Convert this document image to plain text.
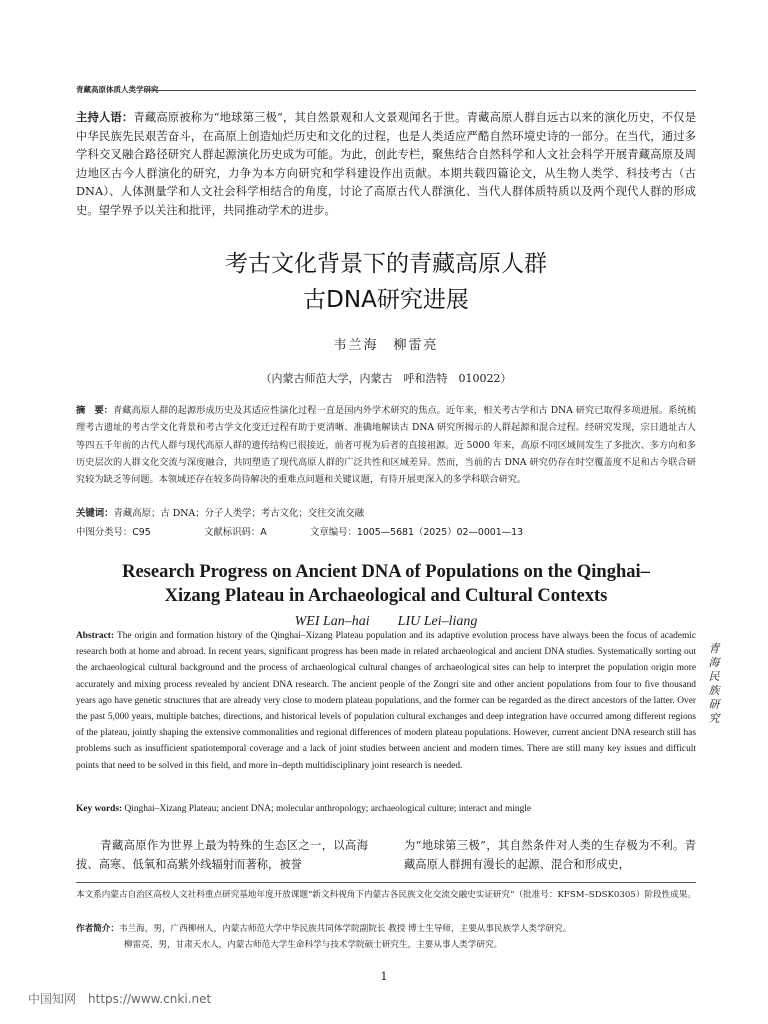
青藏高原体质人类学研究
主持人语：青藏高原被称为“地球第三极”，其自然景观和人文景观闻名于世。青藏高原人群自远古以来的演化历史，不仅是中华民族先民艰苦奋斗，在高原上创造灿烂历史和文化的过程，也是人类适应严酷自然环境史诗的一部分。在当代，通过多学科交叉融合路径研究人群起源演化历史成为可能。为此，创此专栏，聚焦结合自然科学和人文社会科学开展青藏高原及周边地区古今人群演化的研究，力争为本方向研究和学科建设作出贡献。本期共载四篇论文，从生物人类学、科技考古（古 DNA）、人体测量学和人文社会科学相结合的角度，讨论了高原古代人群演化、当代人群体质特质以及两个现代人群的形成史。望学界予以关注和批评，共同推动学术的进步。
考古文化背景下的青藏高原人群
古DNA研究进展
韦兰海　柳雷亮
（内蒙古师范大学，内蒙古　呼和浩特　010022）
摘　要：青藏高原人群的起源形成历史及其适应性演化过程一直是国内外学术研究的焦点。近年来，相关考古学和古 DNA 研究已取得多项进展。系统梳理考古遗址的考古学文化背景和考古学文化变迁过程有助于更清晰、准确地解读古 DNA 研究所揭示的人群起源和混合过程。经研究发现，宗日遗址古人等四五千年前的古代人群与现代高原人群的遗传结构已很接近，前者可视为后者的直接祖源。近 5000 年来，高原不同区域间发生了多批次、多方向和多历史层次的人群文化交流与深度融合，共同塑造了现代高原人群的广泛共性和区域差异。然而，当前的古 DNA 研究仍存在时空覆盖度不足和古今联合研究较为缺乏等问题。本领域还存在较多尚待解决的重难点问题和关键议题，有待开展更深入的多学科联合研究。
关键词：青藏高原；古 DNA；分子人类学；考古文化；交往交流交融
中图分类号：C95	文献标识码：A	文章编号：1005—5681（2025）02—0001—13
Research Progress on Ancient DNA of Populations on the Qinghai–
Xizang Plateau in Archaeological and Cultural Contexts
WEI Lan–hai　　LIU Lei–liang
Abstract: The origin and formation history of the Qinghai–Xizang Plateau population and its adaptive evolution process have always been the focus of academic research both at home and abroad. In recent years, significant progress has been made in related archaeological and ancient DNA studies. Systematically sorting out the archaeological cultural background and the process of archaeological cultural changes of archaeological sites can help to interpret the population origin more accurately and mixing process revealed by ancient DNA research. The ancient people of the Zongri site and other ancient populations from four to five thousand years ago have genetic structures that are already very close to modern plateau populations, and the former can be regarded as the direct ancestors of the latter. Over the past 5,000 years, multiple batches, directions, and historical levels of population cultural exchanges and deep integration have occurred among different regions of the plateau, jointly shaping the extensive commonalities and regional differences of modern plateau populations. However, current ancient DNA research still has problems such as insufficient spatiotemporal coverage and a lack of joint studies between ancient and modern times. There are still many key issues and difficult points that need to be solved in this field, and more in–depth multidisciplinary joint research is needed.
Key words: Qinghai–Xizang Plateau; ancient DNA; molecular anthropology; archaeological culture; interact and mingle
青海民族研究
青藏高原作为世界上最为特殊的生态区之一，以高海拔、高寒、低氧和高紫外线辐射而著称，被誉
为“地球第三极”，其自然条件对人类的生存极为不利。青藏高原人群拥有漫长的起源、混合和形成史，
本文系内蒙古自治区高校人文社科重点研究基地年度开放课题“新文科视角下内蒙古各民族文化交流交融史实证研究”（批准号：KFSM–SDSK0305）阶段性成果。
作者简介：韦兰海，男，广西柳州人，内蒙古师范大学中华民族共同体学院副院长 教授 博士生导师，主要从事民族学人类学研究。
柳雷亮，男，甘肃天水人，内蒙古师范大学生命科学与技术学院硕士研究生，主要从事人类学研究。
1
中国知网 https://www.cnki.net
